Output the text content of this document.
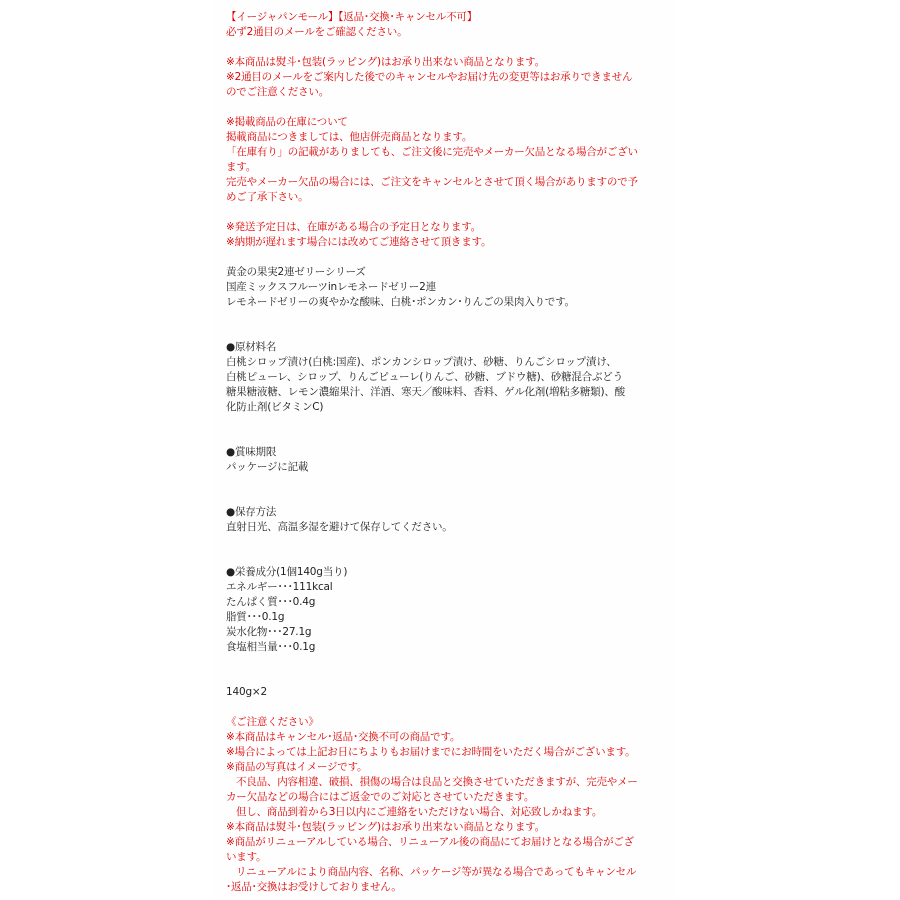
【イージャパンモール】【返品･交換･キャンセル不可】
必ず2通目のメールをご確認ください。
※本商品は熨斗･包装(ラッピング)はお承り出来ない商品となります。
※2通目のメールをご案内した後でのキャンセルやお届け先の変更等はお承りできません
のでご注意ください。
※掲載商品の在庫について
掲載商品につきましては、他店併売商品となります。
「在庫有り」の記載がありましても、ご注文後に完売やメーカー欠品となる場合がござい
ます。
完売やメーカー欠品の場合には、ご注文をキャンセルとさせて頂く場合がありますので予
めご了承下さい。
※発送予定日は、在庫がある場合の予定日となります。
※納期が遅れます場合には改めてご連絡させて頂きます。
黄金の果実2連ゼリーシリーズ
国産ミックスフルーツinレモネードゼリー2連
レモネードゼリーの爽やかな酸味、白桃･ポンカン･りんごの果肉入りです。
●原材料名
白桃シロップ漬け(白桃:国産)、ポンカンシロップ漬け、砂糖、りんごシロップ漬け、
白桃ピューレ、シロップ、りんごピューレ(りんご、砂糖、ブドウ糖)、砂糖混合ぶどう
糖果糖液糖、レモン濃縮果汁、洋酒、寒天／酸味料、香料、ゲル化剤(増粘多糖類)、酸
化防止剤(ビタミンC)
●賞味期限
パッケージに記載
●保存方法
直射日光、高温多湿を避けて保存してください。
●栄養成分(1個140g当り)
エネルギー･･･111kcal
たんぱく質･･･0.4g
脂質･･･0.1g
炭水化物･･･27.1g
食塩相当量･･･0.1g
140g×2
《ご注意ください》
※本商品はキャンセル･返品･交換不可の商品です。
※場合によっては上記お日にちよりもお届けまでにお時間をいただく場合がございます。
※商品の写真はイメージです。
不良品、内容相違、破損、損傷の場合は良品と交換させていただきますが、完売やメー
カー欠品などの場合にはご返金でのご対応とさせていただきます。
但し、商品到着から3日以内にご連絡をいただけない場合、対応致しかねます。
※本商品は熨斗･包装(ラッピング)はお承り出来ない商品となります。
※商品がリニューアルしている場合、リニューアル後の商品にてお届けとなる場合がござ
います。
リニューアルにより商品内容、名称、パッケージ等が異なる場合であってもキャンセル
･返品･交換はお受けしておりません。
